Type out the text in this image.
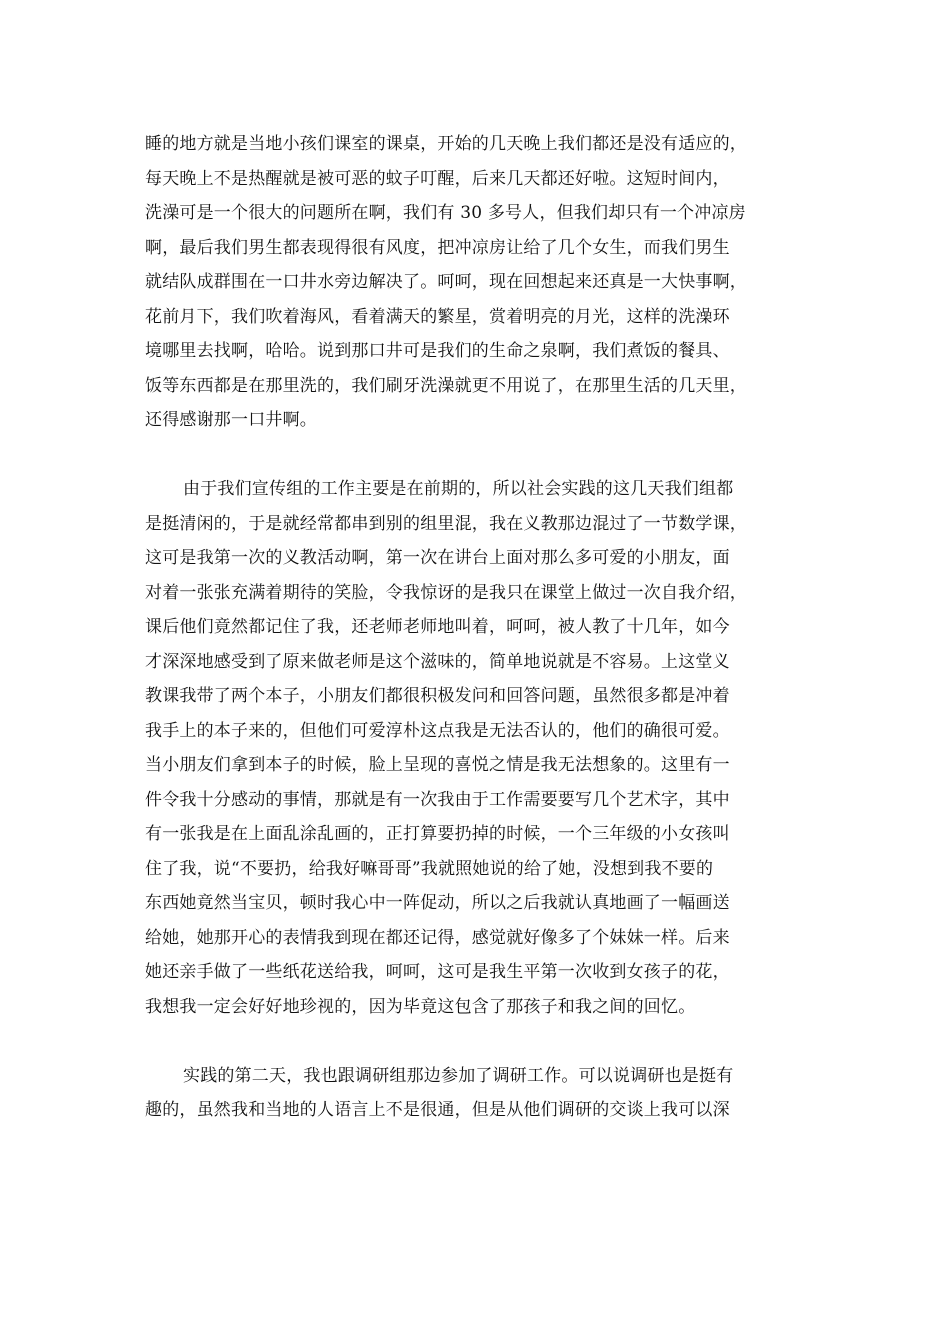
睡的地方就是当地小孩们课室的课桌，开始的几天晚上我们都还是没有适应的，
每天晚上不是热醒就是被可恶的蚊子叮醒，后来几天都还好啦。这短时间内，
洗澡可是一个很大的问题所在啊，我们有 30 多号人，但我们却只有一个冲凉房
啊，最后我们男生都表现得很有风度，把冲凉房让给了几个女生，而我们男生
就结队成群围在一口井水旁边解决了。呵呵，现在回想起来还真是一大快事啊，
花前月下，我们吹着海风，看着满天的繁星，赏着明亮的月光，这样的洗澡环
境哪里去找啊，哈哈。说到那口井可是我们的生命之泉啊，我们煮饭的餐具、
饭等东西都是在那里洗的，我们刷牙洗澡就更不用说了，在那里生活的几天里，
还得感谢那一口井啊。

由于我们宣传组的工作主要是在前期的，所以社会实践的这几天我们组都
是挺清闲的，于是就经常都串到别的组里混，我在义教那边混过了一节数学课，
这可是我第一次的义教活动啊，第一次在讲台上面对那么多可爱的小朋友，面
对着一张张充满着期待的笑脸，令我惊讶的是我只在课堂上做过一次自我介绍，
课后他们竟然都记住了我，还老师老师地叫着，呵呵，被人教了十几年，如今
才深深地感受到了原来做老师是这个滋味的，简单地说就是不容易。上这堂义
教课我带了两个本子，小朋友们都很积极发问和回答问题，虽然很多都是冲着
我手上的本子来的，但他们可爱淳朴这点我是无法否认的，他们的确很可爱。
当小朋友们拿到本子的时候，脸上呈现的喜悦之情是我无法想象的。这里有一
件令我十分感动的事情，那就是有一次我由于工作需要要写几个艺术字，其中
有一张我是在上面乱涂乱画的，正打算要扔掉的时候，一个三年级的小女孩叫
住了我，说“不要扔，给我好嘛哥哥”我就照她说的给了她，没想到我不要的
东西她竟然当宝贝，顿时我心中一阵促动，所以之后我就认真地画了一幅画送
给她，她那开心的表情我到现在都还记得，感觉就好像多了个妹妹一样。后来
她还亲手做了一些纸花送给我，呵呵，这可是我生平第一次收到女孩子的花，
我想我一定会好好地珍视的，因为毕竟这包含了那孩子和我之间的回忆。

实践的第二天，我也跟调研组那边参加了调研工作。可以说调研也是挺有
趣的，虽然我和当地的人语言上不是很通，但是从他们调研的交谈上我可以深
